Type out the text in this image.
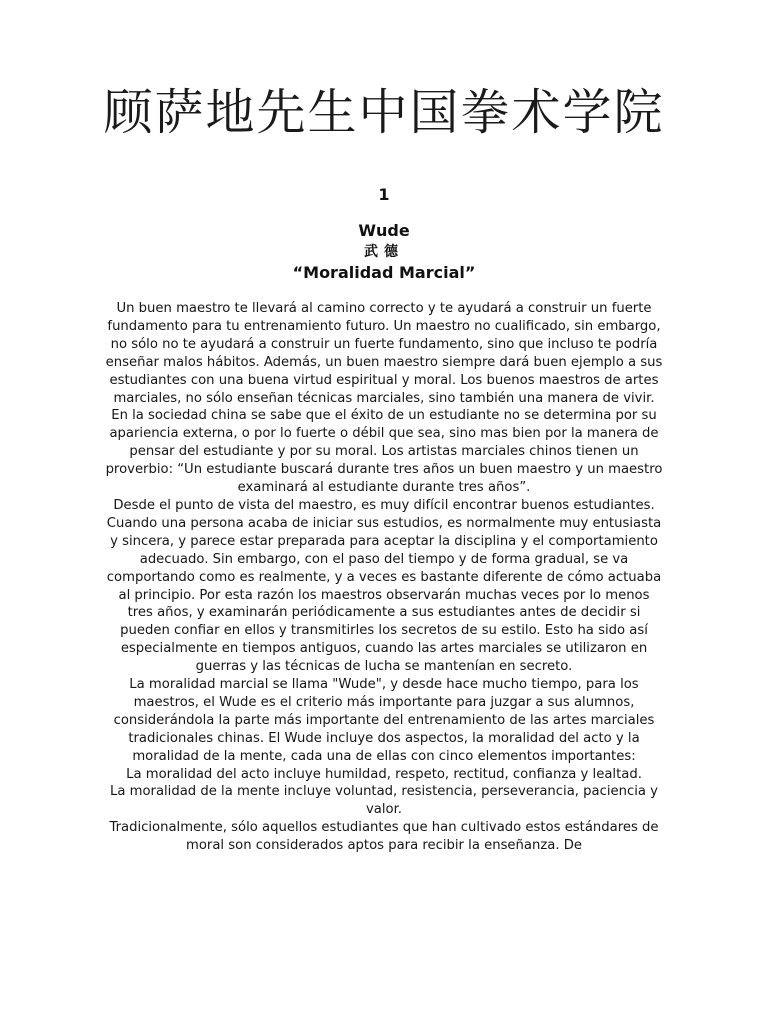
顾萨地先生中国拳术学院
1
Wude
武德
“Moralidad Marcial”

Un buen maestro te llevará al camino correcto y te ayudará a construir un fuerte fundamento para tu entrenamiento futuro. Un maestro no cualificado, sin embargo, no sólo no te ayudará a construir un fuerte fundamento, sino que incluso te podría enseñar malos hábitos. Además, un buen maestro siempre dará buen ejemplo a sus estudiantes con una buena virtud espiritual y moral. Los buenos maestros de artes marciales, no sólo enseñan técnicas marciales, sino también una manera de vivir.

En la sociedad china se sabe que el éxito de un estudiante no se determina por su apariencia externa, o por lo fuerte o débil que sea, sino mas bien por la manera de pensar del estudiante y por su moral. Los artistas marciales chinos tienen un proverbio: “Un estudiante buscará durante tres años un buen maestro y un maestro examinará al estudiante durante tres años”.

Desde el punto de vista del maestro, es muy difícil encontrar buenos estudiantes. Cuando una persona acaba de iniciar sus estudios, es normalmente muy entusiasta y sincera, y parece estar preparada para aceptar la disciplina y el comportamiento adecuado. Sin embargo, con el paso del tiempo y de forma gradual, se va comportando como es realmente, y a veces es bastante diferente de cómo actuaba al principio. Por esta razón los maestros observarán muchas veces por lo menos tres años, y examinarán periódicamente a sus estudiantes antes de decidir si pueden confiar en ellos y transmitirles los secretos de su estilo. Esto ha sido así especialmente en tiempos antiguos, cuando las artes marciales se utilizaron en guerras y las técnicas de lucha se mantenían en secreto.

La moralidad marcial se llama "Wude", y desde hace mucho tiempo, para los maestros, el Wude es el criterio más importante para juzgar a sus alumnos, considerándola la parte más importante del entrenamiento de las artes marciales tradicionales chinas. El Wude incluye dos aspectos, la moralidad del acto y la moralidad de la mente, cada una de ellas con cinco elementos importantes:

La moralidad del acto incluye humildad, respeto, rectitud, confianza y lealtad.

La moralidad de la mente incluye voluntad, resistencia, perseverancia, paciencia y valor.

Tradicionalmente, sólo aquellos estudiantes que han cultivado estos estándares de moral son considerados aptos para recibir la enseñanza. De
